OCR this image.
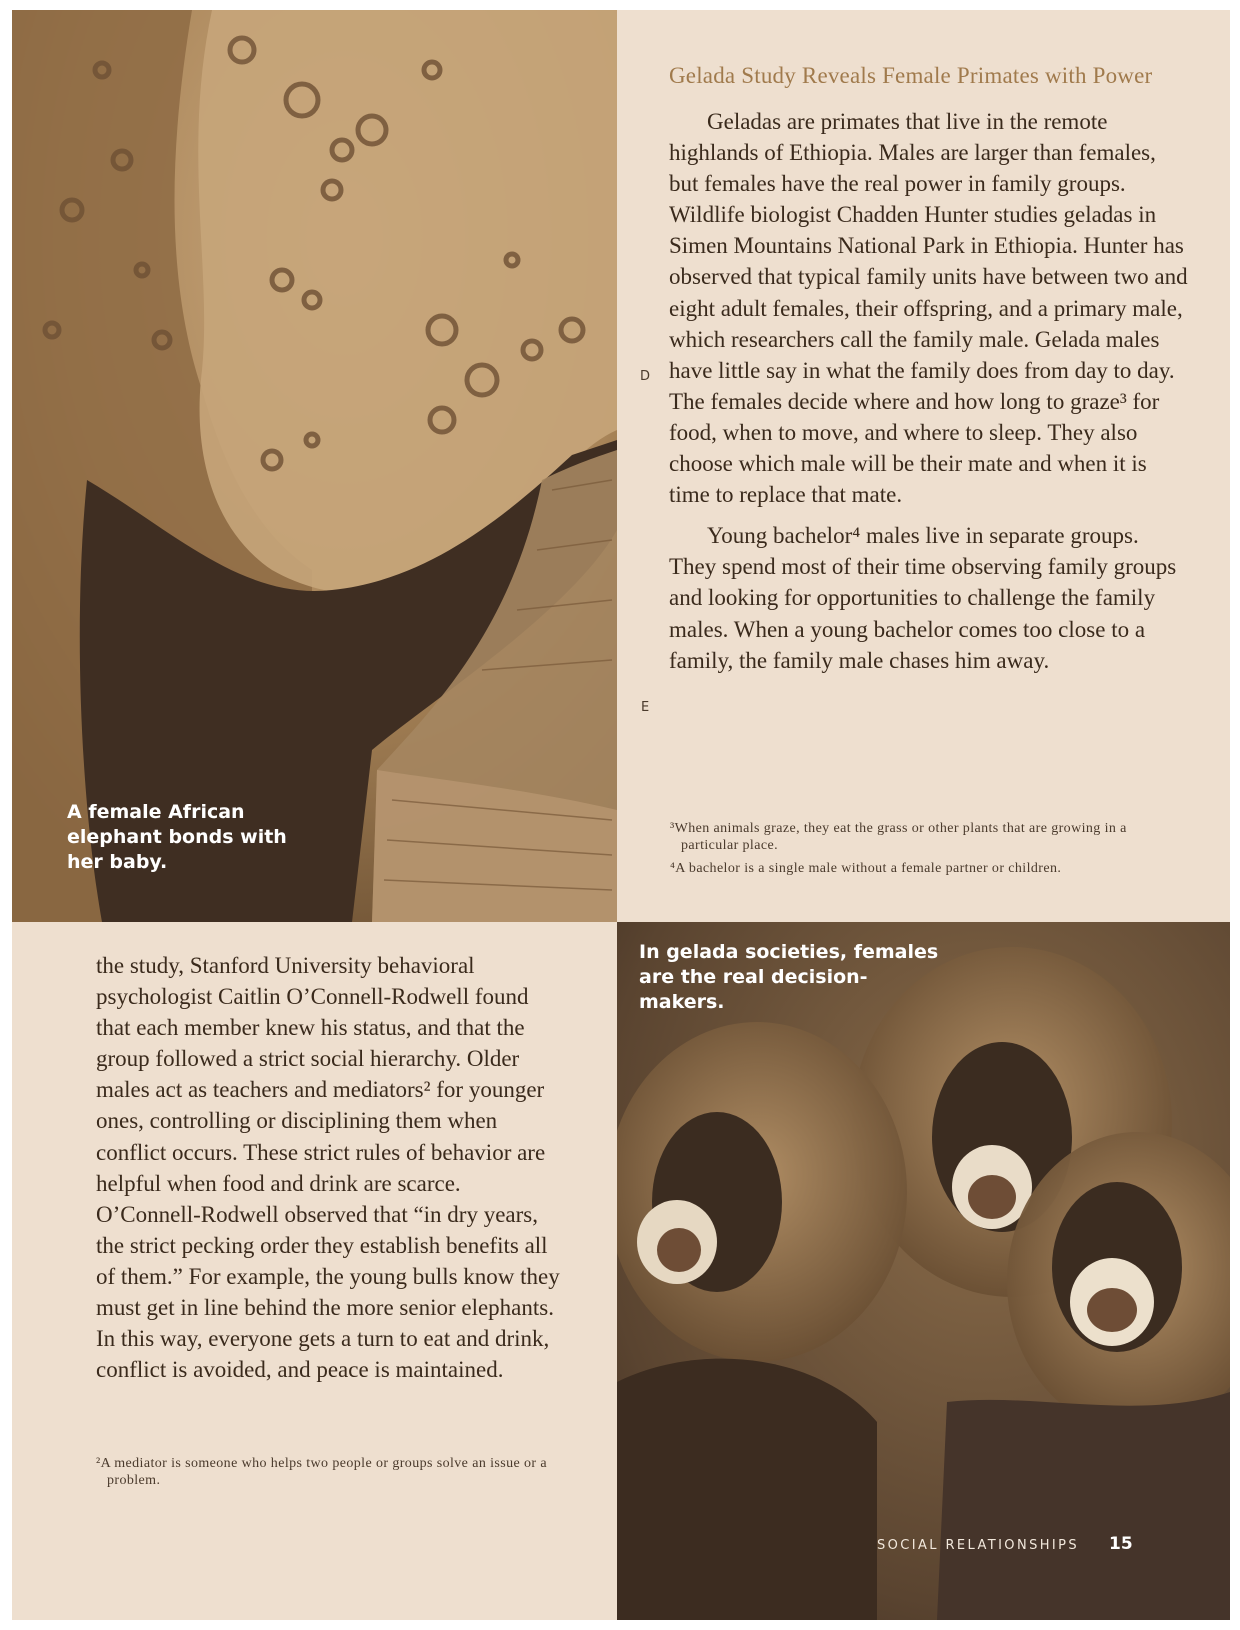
A female African elephant bonds with her baby.
Gelada Study Reveals Female Primates with Power

Geladas are primates that live in the remote highlands of Ethiopia. Males are larger than females, but females have the real power in family groups. Wildlife biologist Chadden Hunter studies geladas in Simen Mountains National Park in Ethiopia. Hunter has observed that typical family units have between two and eight adult females, their offspring, and a primary male, which researchers call the family male. Gelada males have little say in what the family does from day to day. The females decide where and how long to graze³ for food, when to move, and where to sleep. They also choose which male will be their mate and when it is time to replace that mate.

Young bachelor⁴ males live in separate groups. They spend most of their time observing family groups and looking for opportunities to challenge the family males. When a young bachelor comes too close to a family, the family male chases him away.

D
E

³When animals graze, they eat the grass or other plants that are growing in a particular place.

⁴A bachelor is a single male without a female partner or children.

the study, Stanford University behavioral psychologist Caitlin O’Connell-Rodwell found that each member knew his status, and that the group followed a strict social hierarchy. Older males act as teachers and mediators² for younger ones, controlling or disciplining them when conflict occurs. These strict rules of behavior are helpful when food and drink are scarce. O’Connell-Rodwell observed that “in dry years, the strict pecking order they establish benefits all of them.” For example, the young bulls know they must get in line behind the more senior elephants. In this way, everyone gets a turn to eat and drink, conflict is avoided, and peace is maintained.

²A mediator is someone who helps two people or groups solve an issue or a problem.

In gelada societies, females are the real decision-makers.
SOCIAL RELATIONSHIPS 15
